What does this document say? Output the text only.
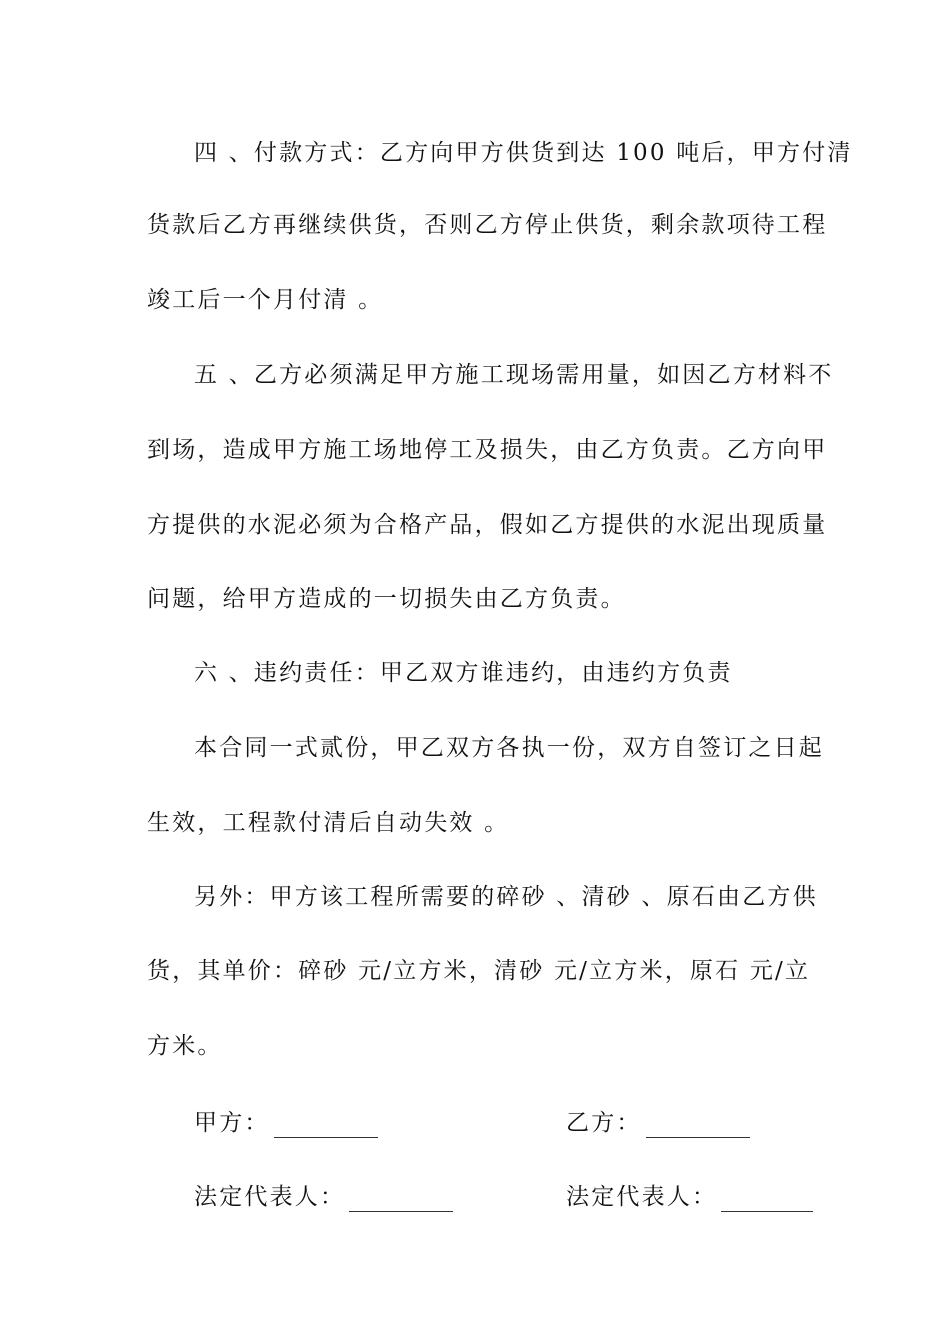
四 、付款方式：乙方向甲方供货到达 100 吨后，甲方付清
货款后乙方再继续供货，否则乙方停止供货，剩余款项待工程
竣工后一个月付清 。
五 、乙方必须满足甲方施工现场需用量，如因乙方材料不
到场，造成甲方施工场地停工及损失，由乙方负责。乙方向甲
方提供的水泥必须为合格产品，假如乙方提供的水泥出现质量
问题，给甲方造成的一切损失由乙方负责。
六 、违约责任：甲乙双方谁违约，由违约方负责
本合同一式贰份，甲乙双方各执一份，双方自签订之日起
生效，工程款付清后自动失效 。
另外：甲方该工程所需要的碎砂 、清砂 、原石由乙方供
货，其单价：碎砂 元/立方米，清砂 元/立方米，原石 元/立
方米。
甲方：	乙方：
法定代表人：	法定代表人：
